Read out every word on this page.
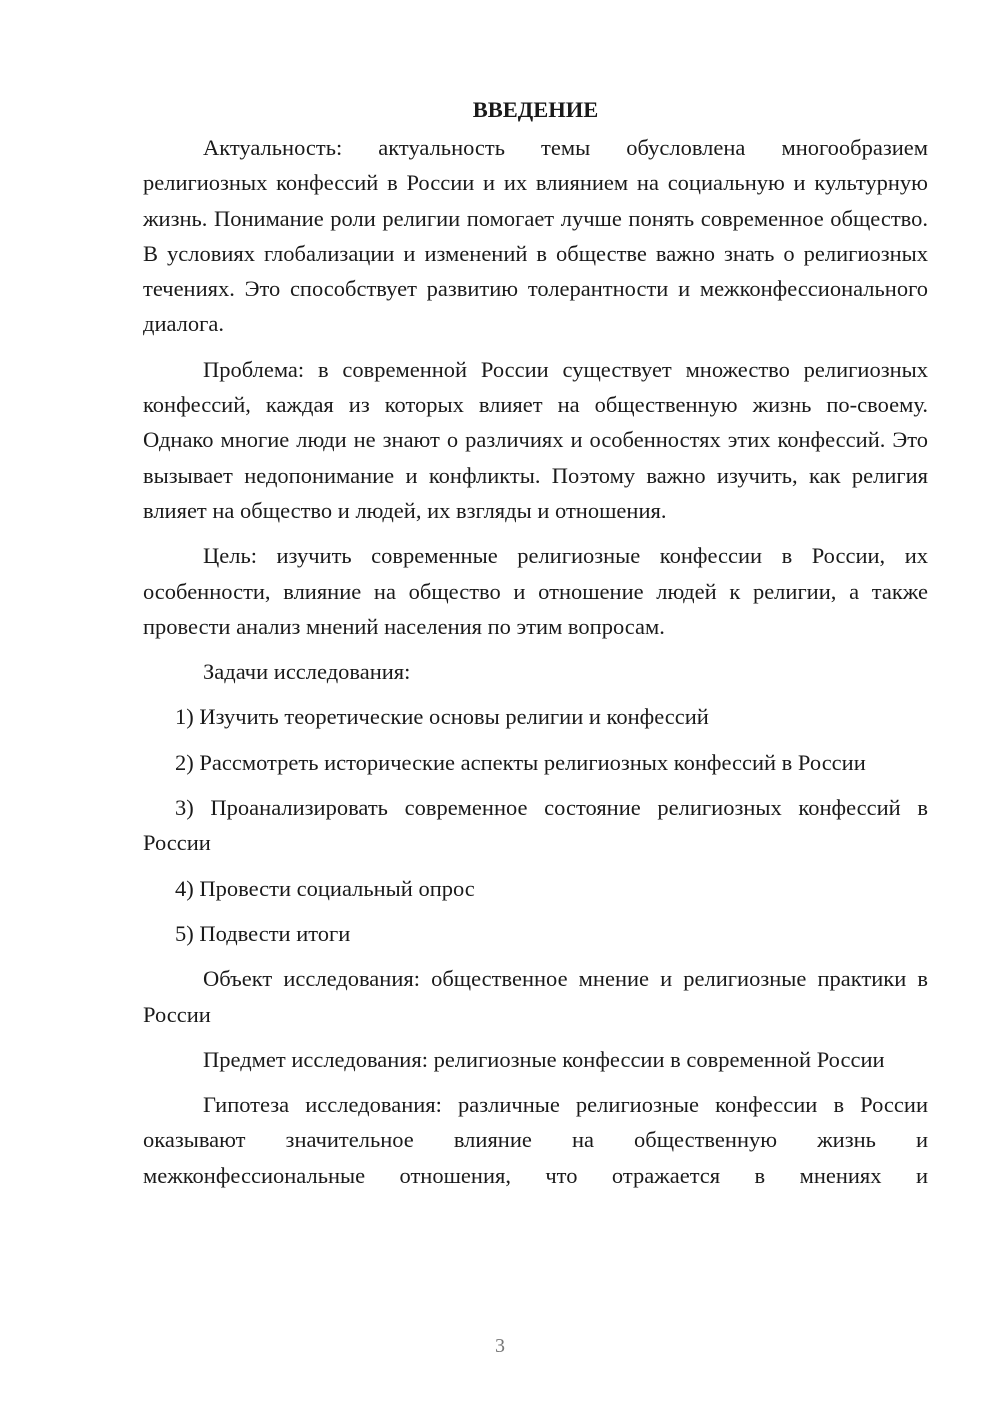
ВВЕДЕНИЕ

Актуальность: актуальность темы обусловлена многообразием религиозных конфессий в России и их влиянием на социальную и культурную жизнь. Понимание роли религии помогает лучше понять современное общество. В условиях глобализации и изменений в обществе важно знать о религиозных течениях. Это способствует развитию толерантности и межконфессионального диалога.

Проблема: в современной России существует множество религиозных конфессий, каждая из которых влияет на общественную жизнь по-своему. Однако многие люди не знают о различиях и особенностях этих конфессий. Это вызывает недопонимание и конфликты. Поэтому важно изучить, как религия влияет на общество и людей, их взгляды и отношения.

Цель: изучить современные религиозные конфессии в России, их особенности, влияние на общество и отношение людей к религии, а также провести анализ мнений населения по этим вопросам.

Задачи исследования:

1) Изучить теоретические основы религии и конфессий

2) Рассмотреть исторические аспекты религиозных конфессий в России

3) Проанализировать современное состояние религиозных конфессий в России

4) Провести социальный опрос

5) Подвести итоги

Объект исследования: общественное мнение и религиозные практики в России

Предмет исследования: религиозные конфессии в современной России

Гипотеза исследования: различные религиозные конфессии в России оказывают значительное влияние на общественную жизнь и межконфессиональные отношения, что отражается в мнениях и

3
